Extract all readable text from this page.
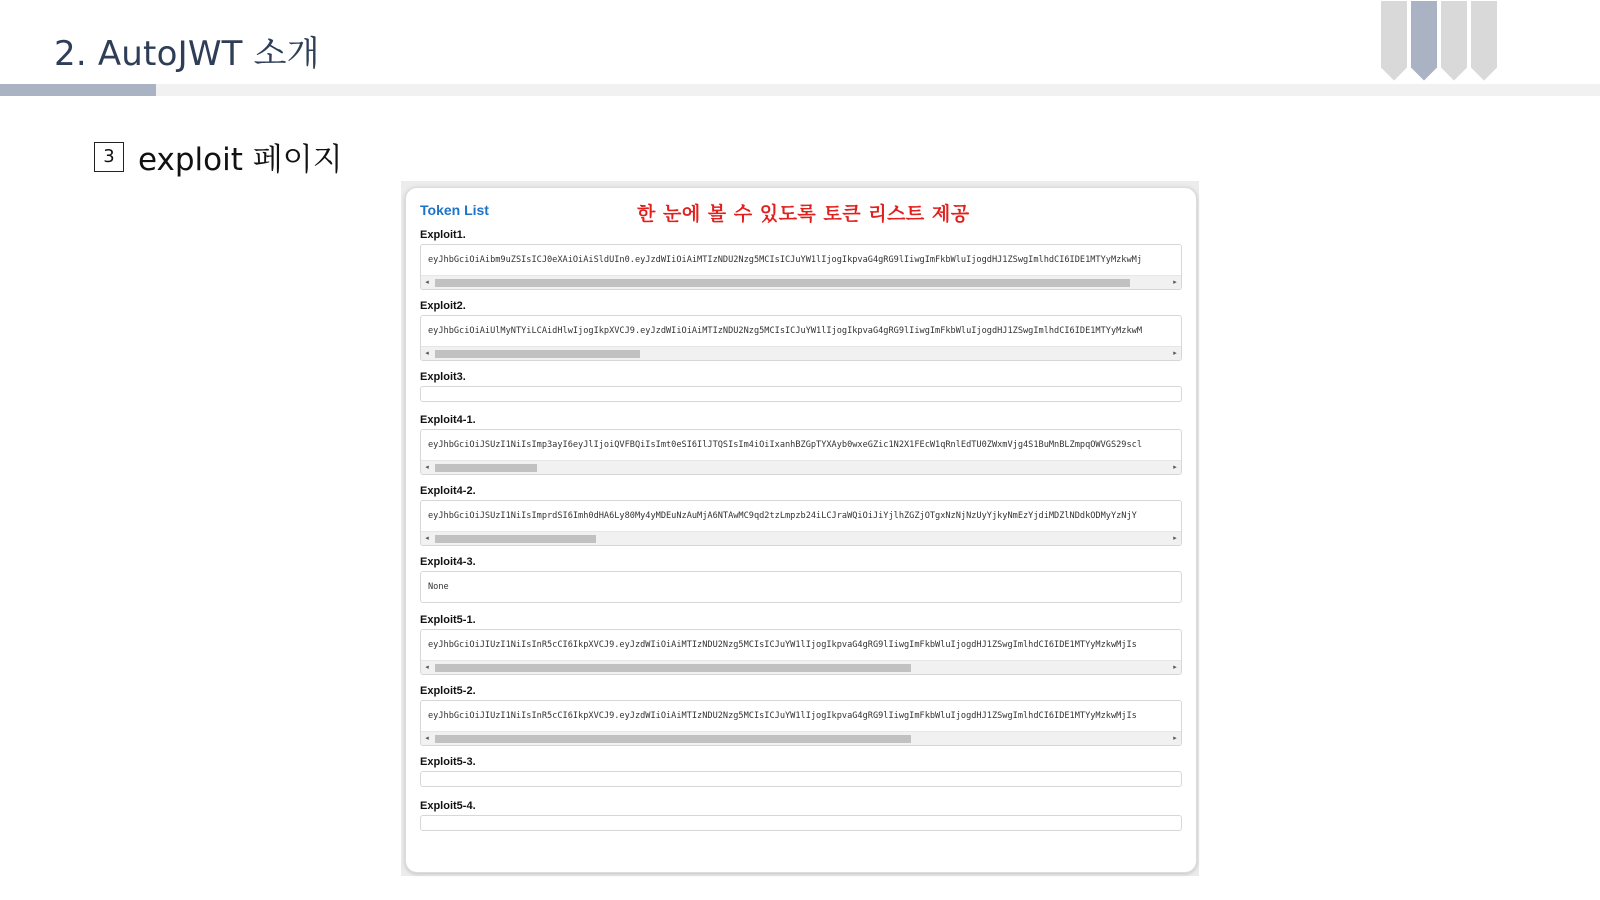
2. AutoJWT 소개
3 exploit 페이지
Token List	한 눈에 볼 수 있도록 토큰 리스트 제공
Exploit1.
eyJhbGciOiAibm9uZSIsICJ0eXAiOiAiSldUIn0.eyJzdWIiOiAiMTIzNDU2Nzg5MCIsICJuYW1lIjogIkpvaG4gRG9lIiwgImFkbWluIjogdHJ1ZSwgImlhdCI6IDE1MTYyMzkwMj
◂	▸
Exploit2.
eyJhbGciOiAiUlMyNTYiLCAidHlwIjogIkpXVCJ9.eyJzdWIiOiAiMTIzNDU2Nzg5MCIsICJuYW1lIjogIkpvaG4gRG9lIiwgImFkbWluIjogdHJ1ZSwgImlhdCI6IDE1MTYyMzkwM
◂	▸
Exploit3.
Exploit4-1.
eyJhbGciOiJSUzI1NiIsImp3ayI6eyJlIjoiQVFBQiIsImt0eSI6IlJTQSIsIm4iOiIxanhBZGpTYXAyb0wxeGZic1N2X1FEcW1qRnlEdTU0ZWxmVjg4S1BuMnBLZmpqOWVGS29scl
◂	▸
Exploit4-2.
eyJhbGciOiJSUzI1NiIsImprdSI6Imh0dHA6Ly80My4yMDEuNzAuMjA6NTAwMC9qd2tzLmpzb24iLCJraWQiOiJiYjlhZGZjOTgxNzNjNzUyYjkyNmEzYjdiMDZlNDdkODMyYzNjY
◂	▸
Exploit4-3.
None
Exploit5-1.
eyJhbGciOiJIUzI1NiIsInR5cCI6IkpXVCJ9.eyJzdWIiOiAiMTIzNDU2Nzg5MCIsICJuYW1lIjogIkpvaG4gRG9lIiwgImFkbWluIjogdHJ1ZSwgImlhdCI6IDE1MTYyMzkwMjIs
◂	▸
Exploit5-2.
eyJhbGciOiJIUzI1NiIsInR5cCI6IkpXVCJ9.eyJzdWIiOiAiMTIzNDU2Nzg5MCIsICJuYW1lIjogIkpvaG4gRG9lIiwgImFkbWluIjogdHJ1ZSwgImlhdCI6IDE1MTYyMzkwMjIs
◂	▸
Exploit5-3.
Exploit5-4.
